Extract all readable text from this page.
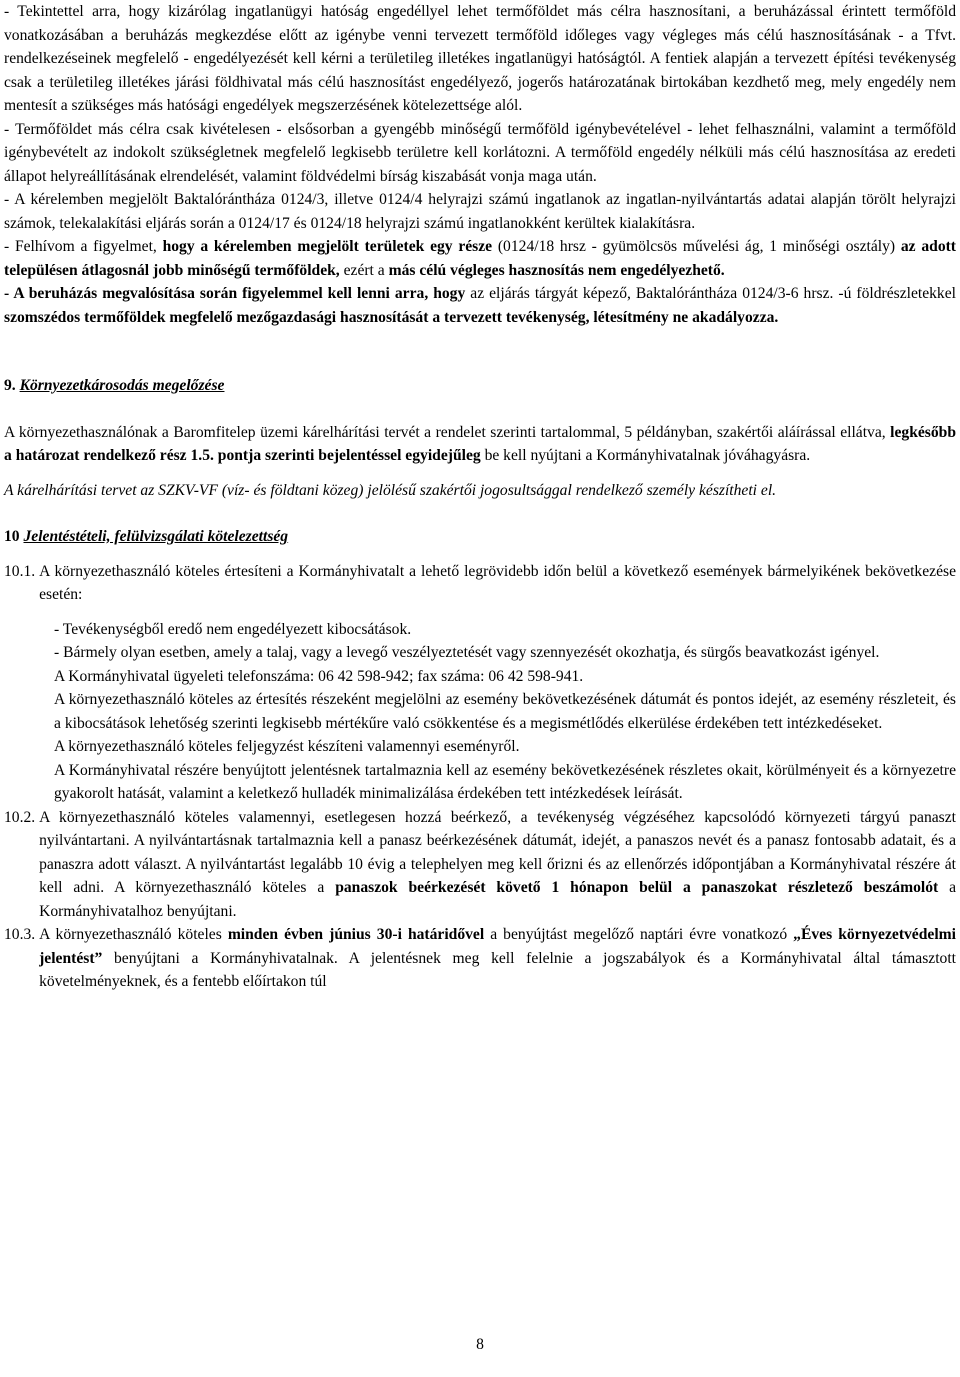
- Tekintettel arra, hogy kizárólag ingatlanügyi hatóság engedéllyel lehet termőföldet más célra hasznosítani, a beruházással érintett termőföld vonatkozásában a beruházás megkezdése előtt az igénybe venni tervezett termőföld időleges vagy végleges más célú hasznosításának - a Tfvt. rendelkezéseinek megfelelő - engedélyezését kell kérni a területileg illetékes ingatlanügyi hatóságtól. A fentiek alapján a tervezett építési tevékenység csak a területileg illetékes járási földhivatal más célú hasznosítást engedélyező, jogerős határozatának birtokában kezdhető meg, mely engedély nem mentesít a szükséges más hatósági engedélyek megszerzésének kötelezettsége alól.

- Termőföldet más célra csak kivételesen - elsősorban a gyengébb minőségű termőföld igénybevételével - lehet felhasználni, valamint a termőföld igénybevételt az indokolt szükségletnek megfelelő legkisebb területre kell korlátozni. A termőföld engedély nélküli más célú hasznosítása az eredeti állapot helyreállításának elrendelését, valamint földvédelmi bírság kiszabását vonja maga után.

- A kérelemben megjelölt Baktalórántháza 0124/3, illetve 0124/4 helyrajzi számú ingatlanok az ingatlan-nyilvántartás adatai alapján törölt helyrajzi számok, telekalakítási eljárás során a 0124/17 és 0124/18 helyrajzi számú ingatlanokként kerültek kialakításra.

- Felhívom a figyelmet, hogy a kérelemben megjelölt területek egy része (0124/18 hrsz - gyümölcsös művelési ág, 1 minőségi osztály) az adott településen átlagosnál jobb minőségű termőföldek, ezért a más célú végleges hasznosítás nem engedélyezhető.

- A beruházás megvalósítása során figyelemmel kell lenni arra, hogy az eljárás tárgyát képező, Baktalórántháza 0124/3-6 hrsz. -ú földrészletekkel szomszédos termőföldek megfelelő mezőgazdasági hasznosítását a tervezett tevékenység, létesítmény ne akadályozza.

9. Környezetkárosodás megelőzése

A környezethasználónak a Baromfitelep üzemi kárelhárítási tervét a rendelet szerinti tartalommal, 5 példányban, szakértői aláírással ellátva, legkésőbb a határozat rendelkező rész 1.5. pontja szerinti bejelentéssel egyidejűleg be kell nyújtani a Kormányhivatalnak jóváhagyásra.

A kárelhárítási tervet az SZKV-VF (víz- és földtani közeg) jelölésű szakértői jogosultsággal rendelkező személy készítheti el.

10 Jelentéstételi, felülvizsgálati kötelezettség

10.1. A környezethasználó köteles értesíteni a Kormányhivatalt a lehető legrövidebb időn belül a következő események bármelyikének bekövetkezése esetén:

- Tevékenységből eredő nem engedélyezett kibocsátások.

- Bármely olyan esetben, amely a talaj, vagy a levegő veszélyeztetését vagy szennyezését okozhatja, és sürgős beavatkozást igényel.

A Kormányhivatal ügyeleti telefonszáma: 06 42 598-942; fax száma: 06 42 598-941.

A környezethasználó köteles az értesítés részeként megjelölni az esemény bekövetkezésének dátumát és pontos idejét, az esemény részleteit, és a kibocsátások lehetőség szerinti legkisebb mértékűre való csökkentése és a megismétlődés elkerülése érdekében tett intézkedéseket.

A környezethasználó köteles feljegyzést készíteni valamennyi eseményről.

A Kormányhivatal részére benyújtott jelentésnek tartalmaznia kell az esemény bekövetkezésének részletes okait, körülményeit és a környezetre gyakorolt hatását, valamint a keletkező hulladék minimalizálása érdekében tett intézkedések leírását.

10.2. A környezethasználó köteles valamennyi, esetlegesen hozzá beérkező, a tevékenység végzéséhez kapcsolódó környezeti tárgyú panaszt nyilvántartani. A nyilvántartásnak tartalmaznia kell a panasz beérkezésének dátumát, idejét, a panaszos nevét és a panasz fontosabb adatait, és a panaszra adott választ. A nyilvántartást legalább 10 évig a telephelyen meg kell őrizni és az ellenőrzés időpontjában a Kormányhivatal részére át kell adni. A környezethasználó köteles a panaszok beérkezését követő 1 hónapon belül a panaszokat részletező beszámolót a Kormányhivatalhoz benyújtani.

10.3. A környezethasználó köteles minden évben június 30-i határidővel a benyújtást megelőző naptári évre vonatkozó „Éves környezetvédelmi jelentést” benyújtani a Kormányhivatalnak. A jelentésnek meg kell felelnie a jogszabályok és a Kormányhivatal által támasztott követelményeknek, és a fentebb előírtakon túl

8
